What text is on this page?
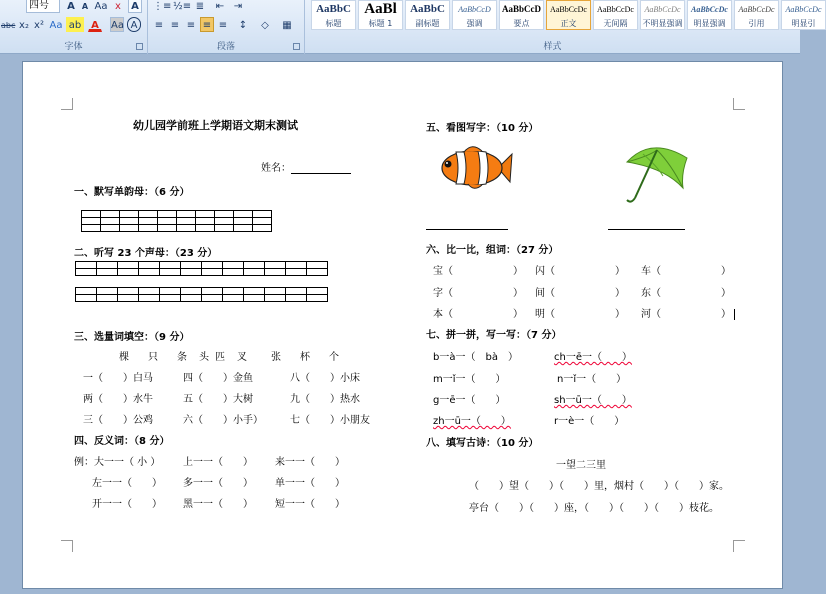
四号	A A Aa x	A
abc x₂ x² Aa ab A	Aa A
字体
⋮≡ ½≡ ≣	⇤ ⇥
≡ ≡ ≡ ≡ ≡	↕	◇	▦
段落
AaBbC
标题
AaBl
标题 1
AaBbC
副标题
AaBbCcD
强调
AaBbCcD
要点
AaBbCcDc
正文
AaBbCcDc
无间隔
AaBbCcDc
不明显强调
AaBbCcDc
明显强调
AaBbCcDc
引用
AaBbCcDc
明显引
样式
幼儿园学前班上学期语文期末测试
姓名：
一、默写单韵母：（6 分）

二、听写 23 个声母：（23 分）

三、选量词填空：（9 分）
棵 只 条 头 匹 叉 张 杯 个
一（　　）白马	四（　　）金鱼	八（　　）小床
两（　　）水牛	五（　　）大树	九（　　）热水
三（　　）公鸡	六（　　）小手）	七（　　）小朋友
四、反义词：（8 分）
例：大一一（ 小 ） 上一一（　　） 来一一（　　）
左一一（　　） 多一一（　　） 单一一（　　）
开一一（　　） 黑一一（　　） 短一一（　　）
五、看图写字：（10 分）
六、比一比，组词：（27 分）
宝（　　　　　　） 闪（　　　　　　） 车（　　　　　　）
字（　　　　　　） 间（　　　　　　） 东（　　　　　　）
本（　　　　　　） 明（　　　　　　） 河（　　　　　　）
七、拼一拼，写一写：（7 分）
b一à一（　bà　）	ch一ē一（　　）
m一ǐ一（　　）	n一ǐ一（　　）
g一ē一（　　）	sh一ū一（　　）
zh一ū一（　　）	r一è一（　　）
八、填写古诗：（10 分）
一望二三里
（　　）望（　　）（　　）里，烟村（　　）（　　）家。
亭台（　　）（　　）座，（　　）（　　）（　　）枝花。
